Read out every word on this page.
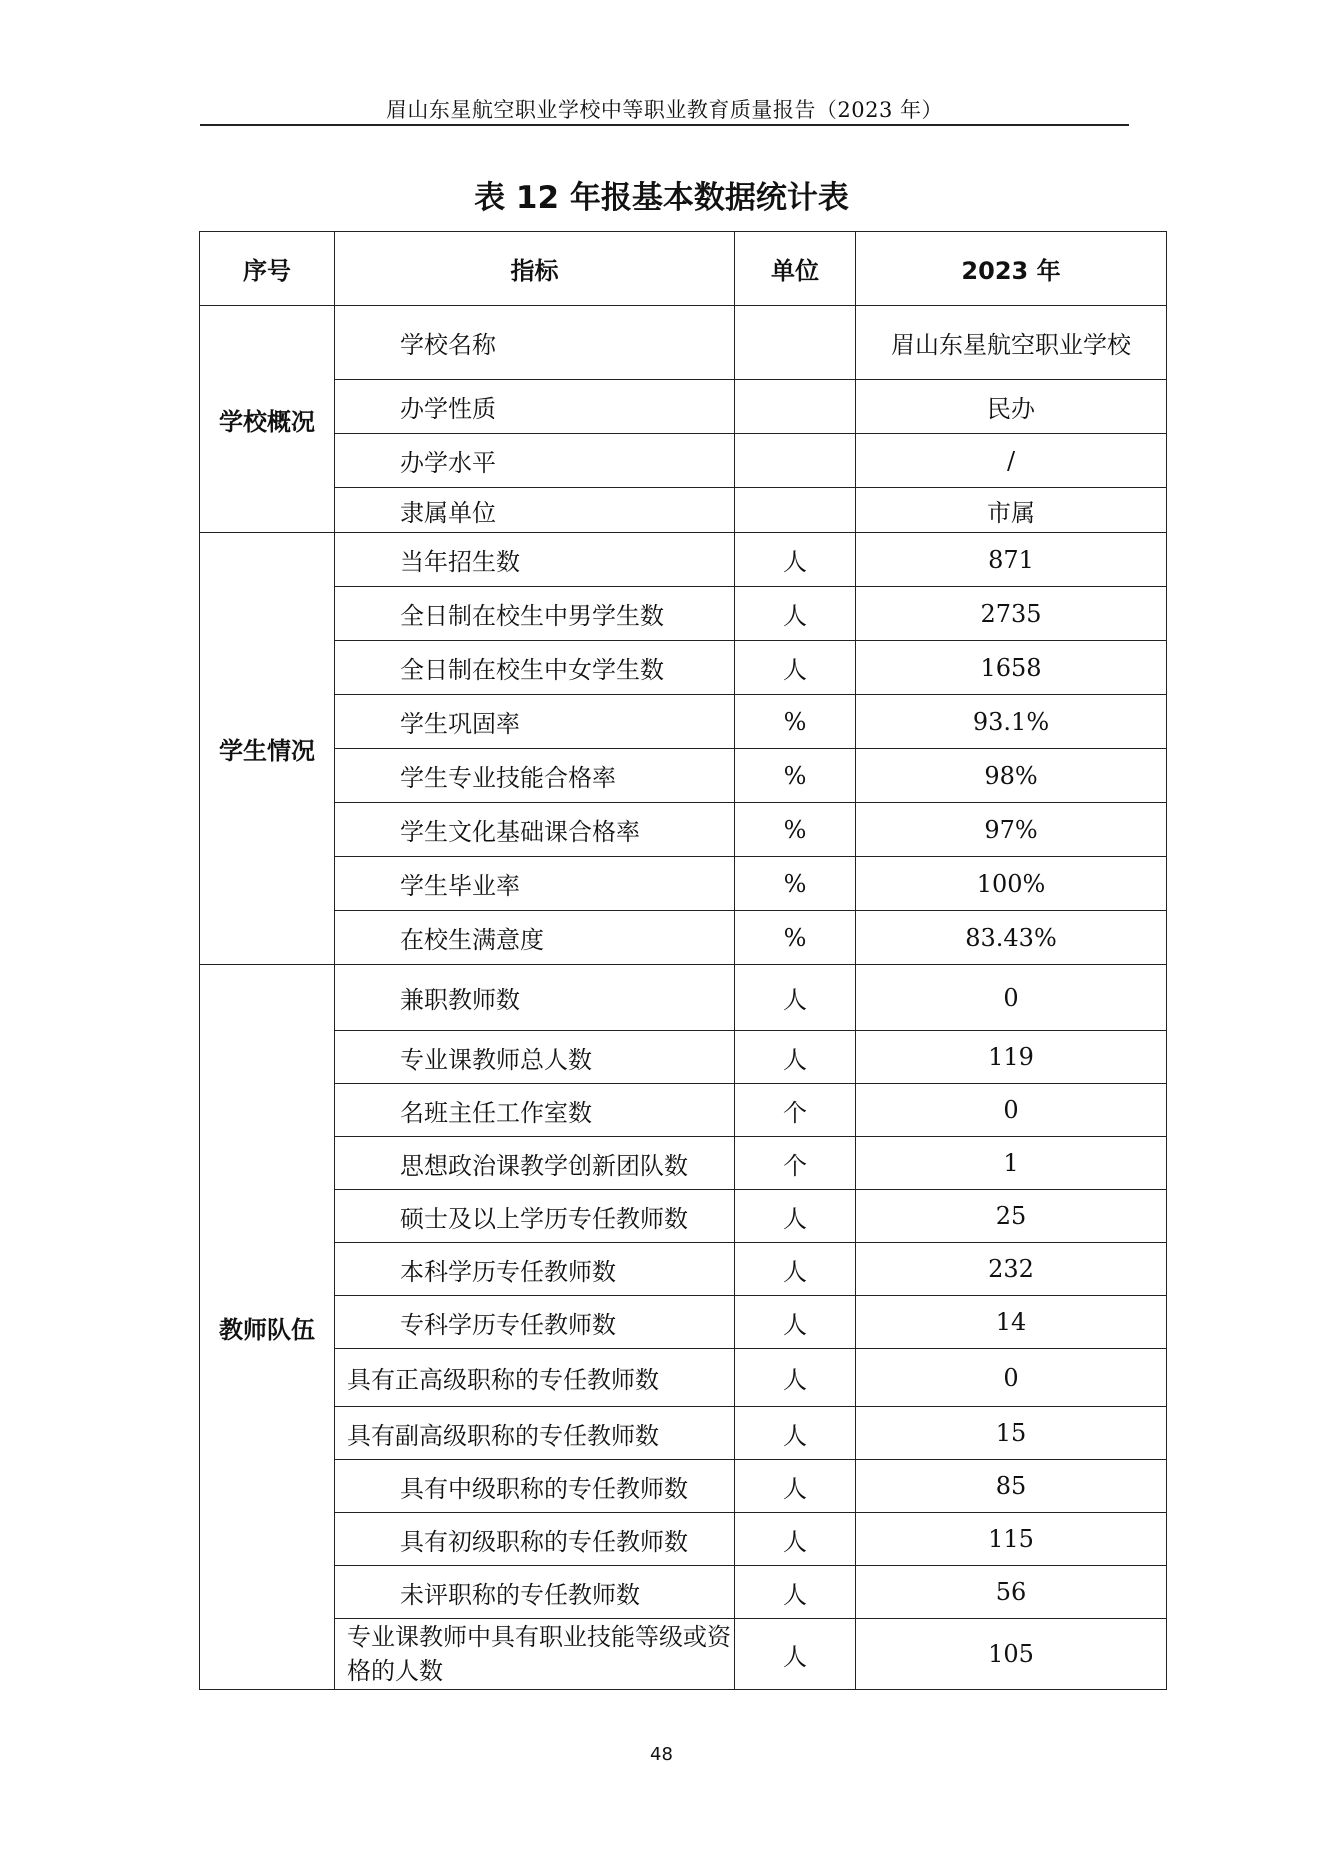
眉山东星航空职业学校中等职业教育质量报告（2023 年）
表 12 年报基本数据统计表
序号	指标	单位	2023 年
学校概况	学校名称		眉山东星航空职业学校
	办学性质		民办
	办学水平		/
	隶属单位		市属
学生情况	当年招生数	人	871
	全日制在校生中男学生数	人	2735
	全日制在校生中女学生数	人	1658
	学生巩固率	%	93.1%
	学生专业技能合格率	%	98%
	学生文化基础课合格率	%	97%
	学生毕业率	%	100%
	在校生满意度	%	83.43%
教师队伍	兼职教师数	人	0
	专业课教师总人数	人	119
	名班主任工作室数	个	0
	思想政治课教学创新团队数	个	1
	硕士及以上学历专任教师数	人	25
	本科学历专任教师数	人	232
	专科学历专任教师数	人	14
	具有正高级职称的专任教师数	人	0
	具有副高级职称的专任教师数	人	15
	具有中级职称的专任教师数	人	85
	具有初级职称的专任教师数	人	115
	未评职称的专任教师数	人	56
	专业课教师中具有职业技能等级或资格的人数	人	105
48
